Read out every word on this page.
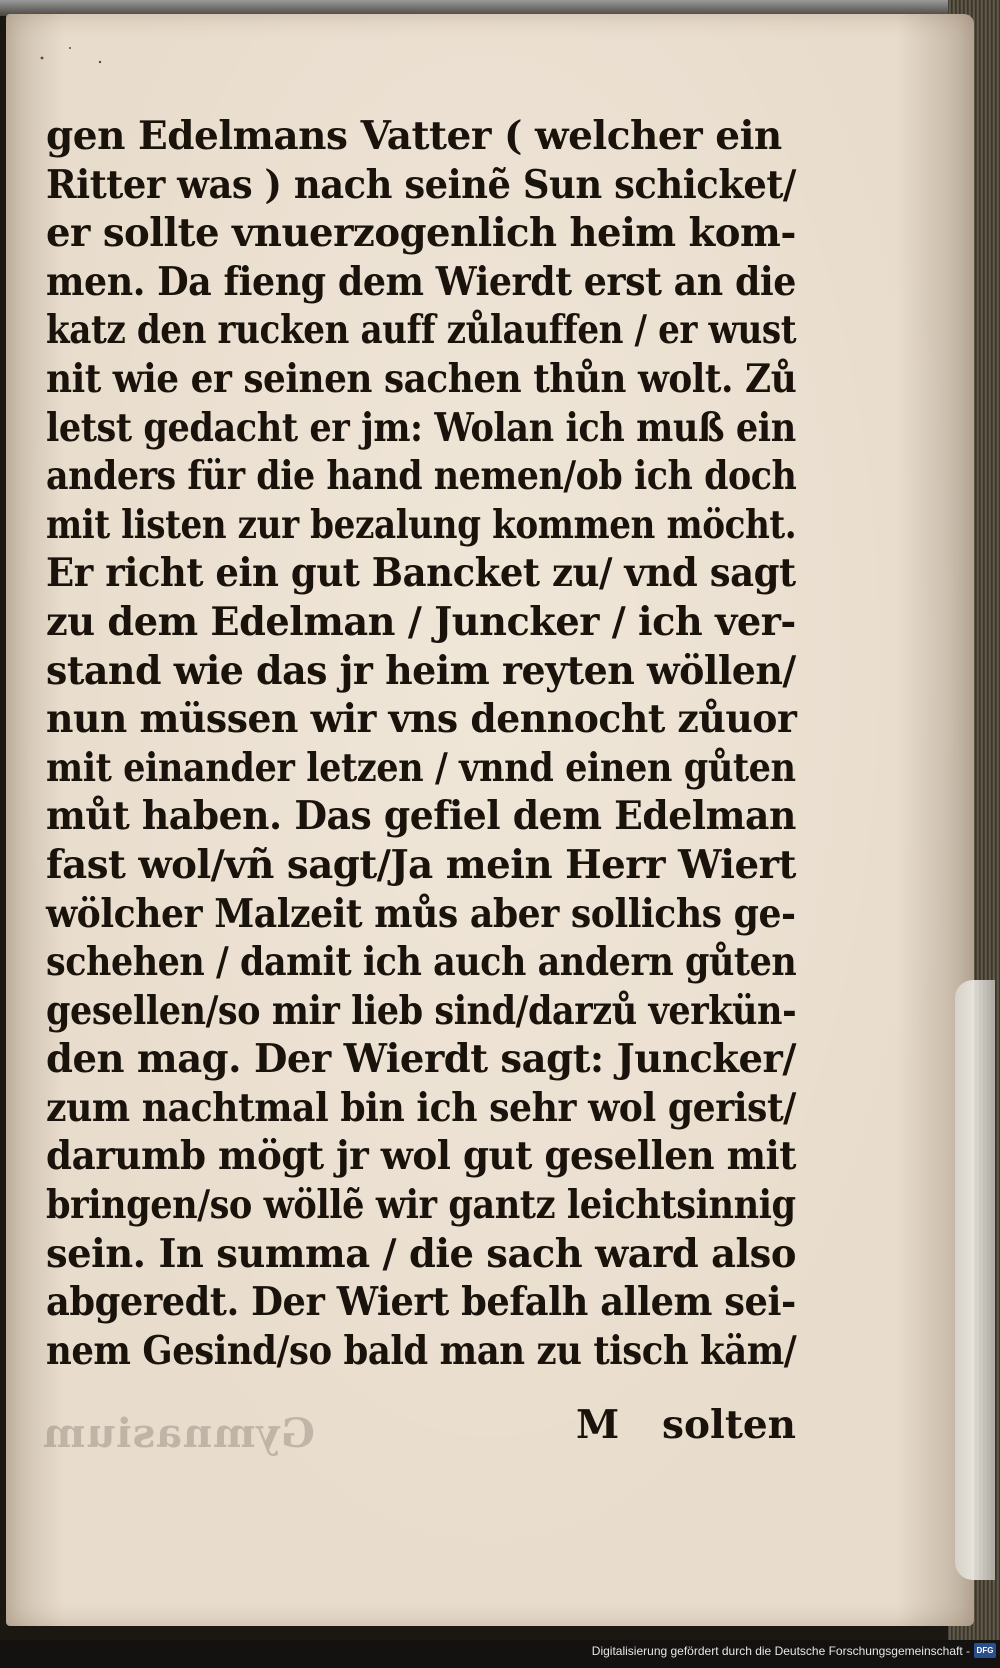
gen Edelmans Vatter ( welcher ein
Ritter was ) nach seinẽ Sun schicket/
er sollte vnuerzogenlich heim kom-
men. Da fieng dem Wierdt erst an die
katz den rucken auff zůlauffen / er wust
nit wie er seinen sachen thůn wolt. Zů
letst gedacht er jm: Wolan ich muß ein
anders für die hand nemen/ob ich doch
mit listen zur bezalung kommen möcht.
Er richt ein gut Bancket zu/ vnd sagt
zu dem Edelman / Juncker / ich ver-
stand wie das jr heim reyten wöllen/
nun müssen wir vns dennocht zůuor
mit einander letzen / vnnd einen gůten
můt haben. Das gefiel dem Edelman
fast wol/vñ sagt/Ja mein Herr Wiert
wölcher Malzeit můs aber sollichs ge-
schehen / damit ich auch andern gůten
gesellen/so mir lieb sind/darzů verkün-
den mag. Der Wierdt sagt: Juncker/
zum nachtmal bin ich sehr wol gerist/
darumb mögt jr wol gut gesellen mit
bringen/so wöllẽ wir gantz leichtsinnig
sein. In summa / die sach ward also
abgeredt. Der Wiert befalh allem sei-
nem Gesind/so bald man zu tisch käm/
Gymnasium	M solten
Digitalisierung gefördert durch die Deutsche Forschungsgemeinschaft - DFG
